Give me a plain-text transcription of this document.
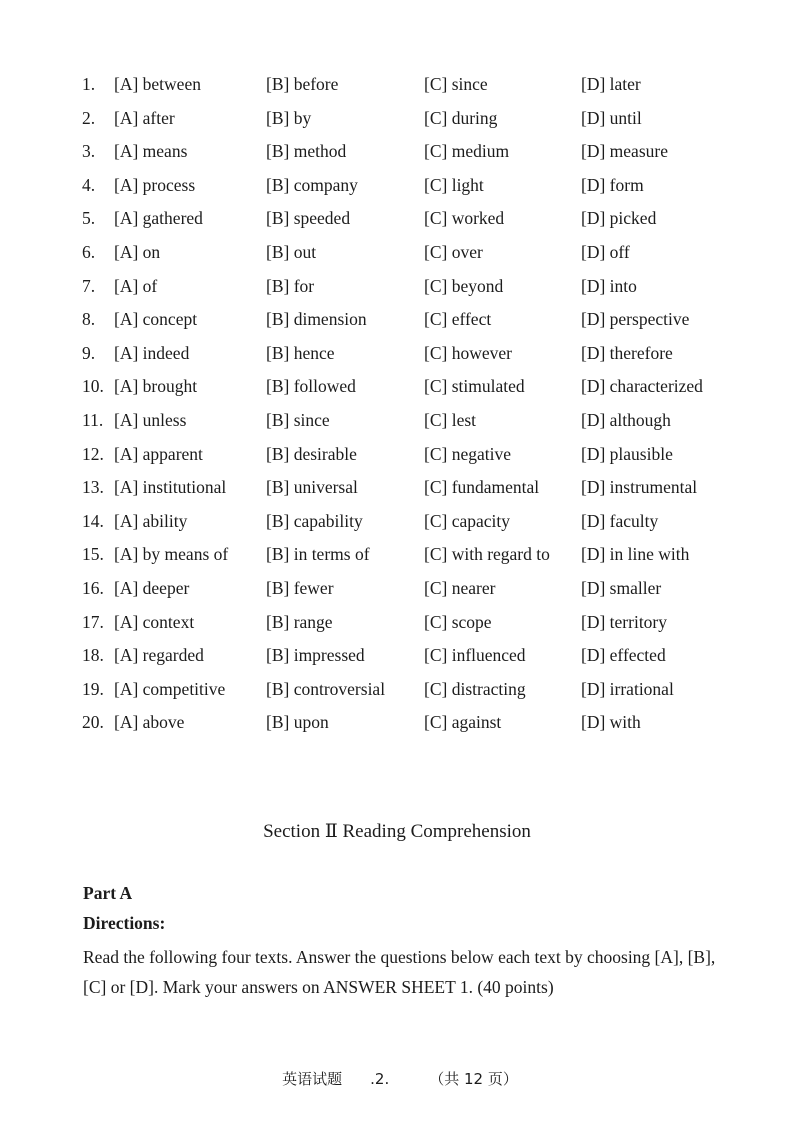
1. [A] between	[B] before	[C] since	[D] later
2. [A] after	[B] by	[C] during	[D] until
3. [A] means	[B] method	[C] medium	[D] measure
4. [A] process	[B] company	[C] light	[D] form
5. [A] gathered	[B] speeded	[C] worked	[D] picked
6. [A] on	[B] out	[C] over	[D] off
7. [A] of	[B] for	[C] beyond	[D] into
8. [A] concept	[B] dimension	[C] effect	[D] perspective
9. [A] indeed	[B] hence	[C] however	[D] therefore
10. [A] brought	[B] followed	[C] stimulated	[D] characterized
11. [A] unless	[B] since	[C] lest	[D] although
12. [A] apparent	[B] desirable	[C] negative	[D] plausible
13. [A] institutional [B] universal	[C] fundamental [D] instrumental
14. [A] ability	[B] capability	[C] capacity	[D] faculty
15. [A] by means of [B] in terms of	[C] with regard to [D] in line with
16. [A] deeper	[B] fewer	[C] nearer	[D] smaller
17. [A] context	[B] range	[C] scope	[D] territory
18. [A] regarded	[B] impressed	[C] influenced	[D] effected
19. [A] competitive [B] controversial [C] distracting	[D] irrational
20. [A] above	[B] upon	[C] against	[D] with
Section Ⅱ Reading Comprehension
Part A
Directions:
Read the following four texts. Answer the questions below each text by choosing [A], [B], [C] or [D]. Mark your answers on ANSWER SHEET 1. (40 points)
英语试题 .2.	（共 12 页）
